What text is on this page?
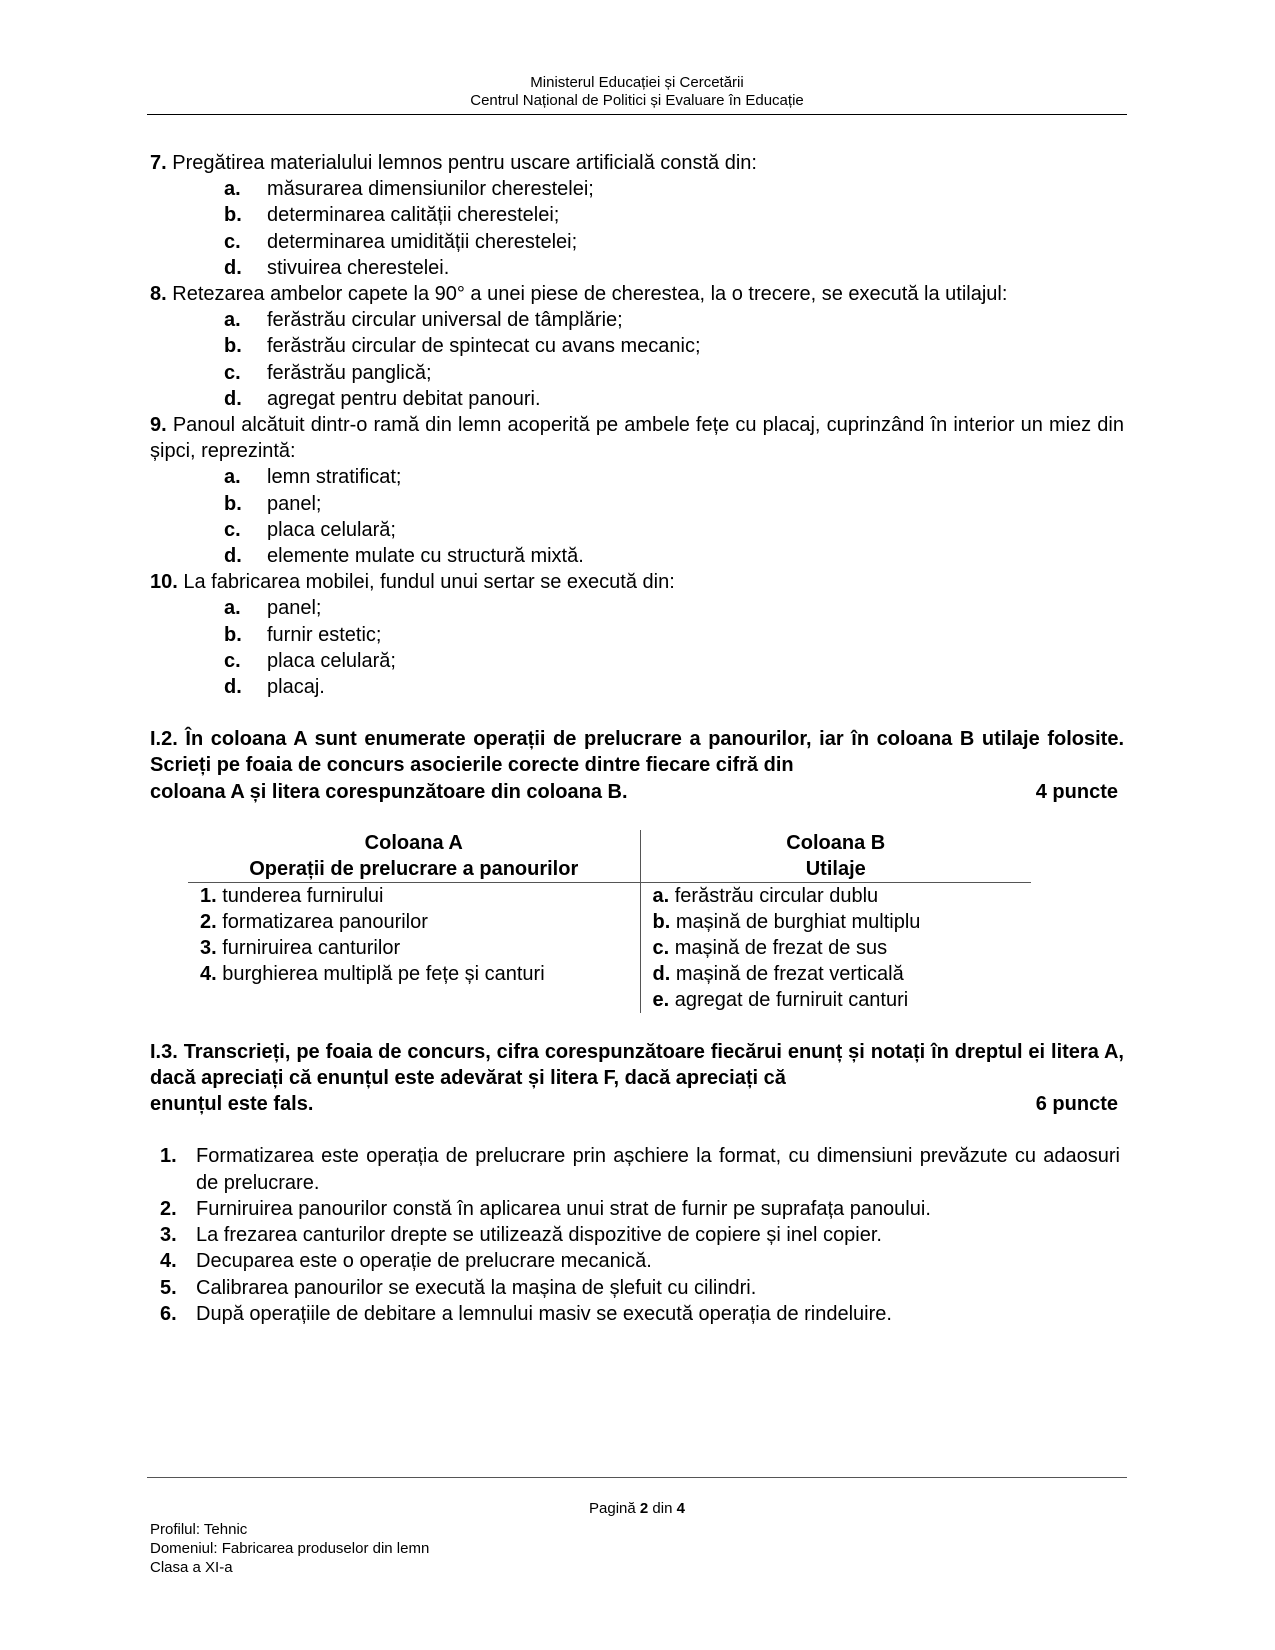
Ministerul Educației și Cercetării
Centrul Național de Politici și Evaluare în Educație
7. Pregătirea materialului lemnos pentru uscare artificială constă din:
a.	măsurarea dimensiunilor cherestelei;
b.	determinarea calității cherestelei;
c.	determinarea umidității cherestelei;
d.	stivuirea cherestelei.
8. Retezarea ambelor capete la 90° a unei piese de cherestea, la o trecere, se execută la utilajul:
a.	ferăstrău circular universal de tâmplărie;
b.	ferăstrău circular de spintecat cu avans mecanic;
c.	ferăstrău panglică;
d.	agregat pentru debitat panouri.
9. Panoul alcătuit dintr-o ramă din lemn acoperită pe ambele fețe cu placaj, cuprinzând în interior un miez din șipci, reprezintă:
a.	lemn stratificat;
b.	panel;
c.	placa celulară;
d.	elemente mulate cu structură mixtă.
10. La fabricarea mobilei, fundul unui sertar se execută din:
a.	panel;
b.	furnir estetic;
c.	placa celulară;
d.	placaj.
I.2. În coloana A sunt enumerate operații de prelucrare a panourilor, iar în coloana B utilaje folosite. Scrieți pe foaia de concurs asocierile corecte dintre fiecare cifră din
coloana A și litera corespunzătoare din coloana B.	4 puncte
Coloana A
Operații de prelucrare a panourilor

Coloana B
Utilaje

1. tunderea furnirului	a. ferăstrău circular dublu
2. formatizarea panourilor	b. mașină de burghiat multiplu
3. furniruirea canturilor	c. mașină de frezat de sus
4. burghierea multiplă pe fețe și canturi	d. mașină de frezat verticală
	e. agregat de furniruit canturi
I.3. Transcrieți, pe foaia de concurs, cifra corespunzătoare fiecărui enunț și notați în dreptul ei litera A, dacă apreciați că enunțul este adevărat și litera F, dacă apreciați că
enunțul este fals.	6 puncte
1. Formatizarea este operația de prelucrare prin așchiere la format, cu dimensiuni prevăzute cu adaosuri de prelucrare.
2. Furniruirea panourilor constă în aplicarea unui strat de furnir pe suprafața panoului.
3. La frezarea canturilor drepte se utilizează dispozitive de copiere și inel copier.
4. Decuparea este o operație de prelucrare mecanică.
5. Calibrarea panourilor se execută la mașina de șlefuit cu cilindri.
6. După operațiile de debitare a lemnului masiv se execută operația de rindeluire.
Pagină 2 din 4
Profilul: Tehnic
Domeniul: Fabricarea produselor din lemn
Clasa a XI-a
